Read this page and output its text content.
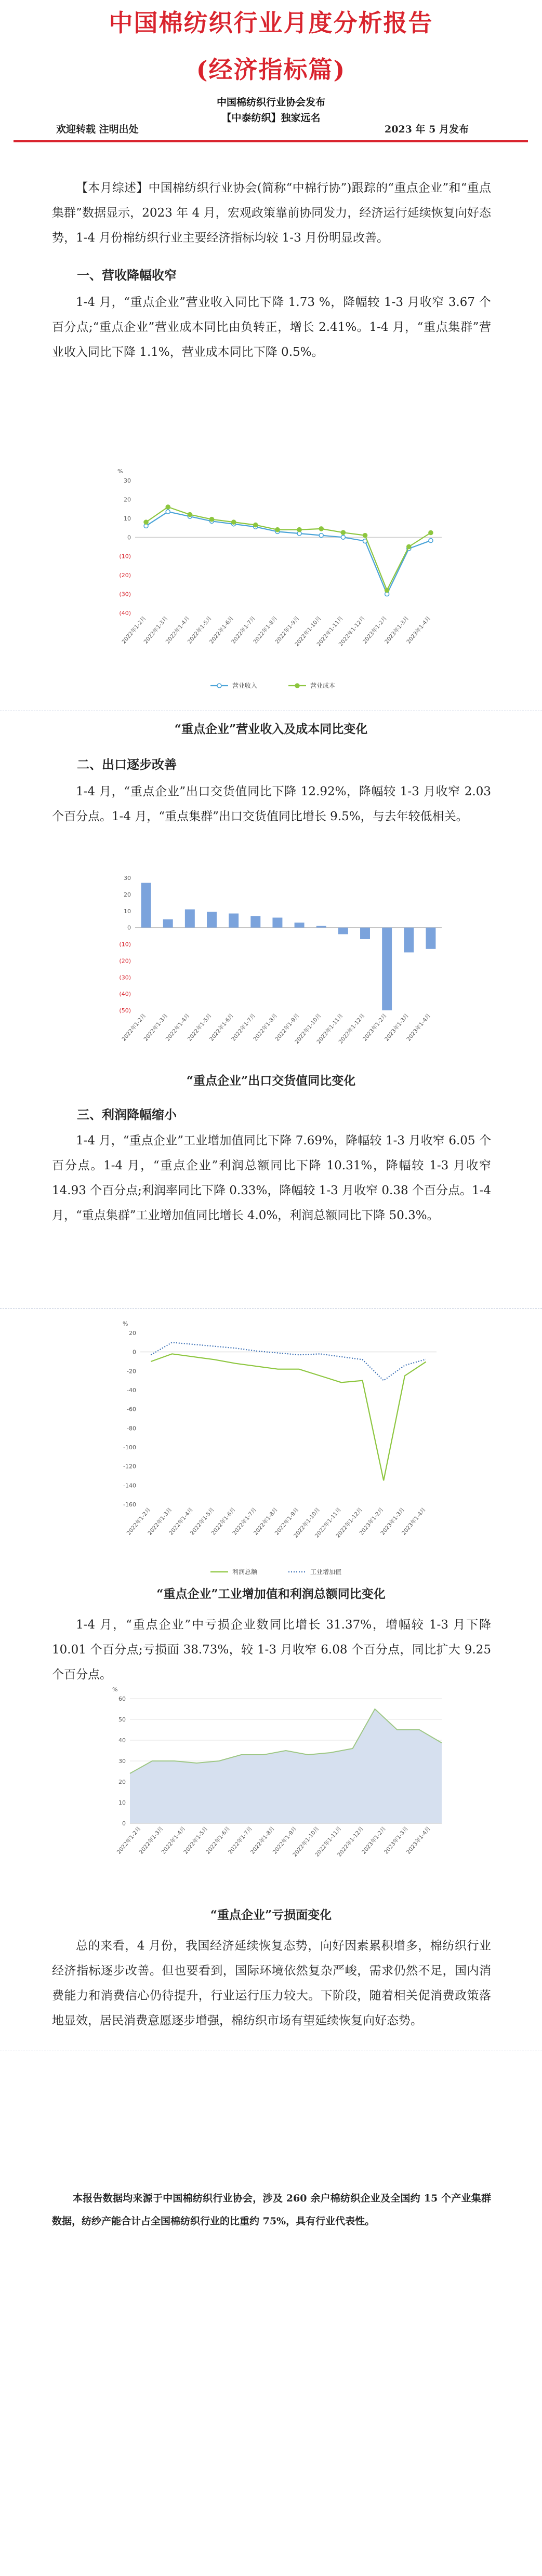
中国棉纺织行业月度分析报告
(经济指标篇)
中国棉纺织行业协会发布
【中泰纺织】独家远名
欢迎转载 注明出处	2023 年 5 月发布

【本月综述】中国棉纺织行业协会(简称“中棉行协”)跟踪的“重点企业”和“重点集群”数据显示，2023 年 4 月，宏观政策靠前协同发力，经济运行延续恢复向好态势，1-4 月份棉纺织行业主要经济指标均较 1-3 月份明显改善。

一、营收降幅收窄

1-4 月，“重点企业”营业收入同比下降 1.73 %，降幅较 1-3 月收窄 3.67 个百分点;“重点企业”营业成本同比由负转正，增长 2.41%。1-4 月，“重点集群”营业收入同比下降 1.1%，营业成本同比下降 0.5%。

%
30
20
10
0
(10)
(20)
(30)
(40)
2022年1-2月
2022年1-3月
2022年1-4月
2022年1-5月
2022年1-6月
2022年1-7月
2022年1-8月
2022年1-9月
2022年1-10月
2022年1-11月
2022年1-12月
2023年1-2月
2023年1-3月
2023年1-4月
营业收入	营业成本
“重点企业”营业收入及成本同比变化
二、出口逐步改善

1-4 月，“重点企业”出口交货值同比下降 12.92%，降幅较 1-3 月收窄 2.03 个百分点。1-4 月，“重点集群”出口交货值同比增长 9.5%，与去年较低相关。

30
20
10
0
(10)
(20)
(30)
(40)
(50)
2022年1-2月
2022年1-3月
2022年1-4月
2022年1-5月
2022年1-6月
2022年1-7月
2022年1-8月
2022年1-9月
2022年1-10月
2022年1-11月
2022年1-12月
2023年1-2月
2023年1-3月
2023年1-4月
“重点企业”出口交货值同比变化
三、利润降幅缩小

1-4 月，“重点企业”工业增加值同比下降 7.69%，降幅较 1-3 月收窄 6.05 个百分点。1-4 月，“重点企业”利润总额同比下降 10.31%，降幅较 1-3 月收窄 14.93 个百分点;利润率同比下降 0.33%，降幅较 1-3 月收窄 0.38 个百分点。1-4 月，“重点集群”工业增加值同比增长 4.0%，利润总额同比下降 50.3%。

%
20
0
-20
-40
-60
-80
-100
-120
-140
-160
2022年1-2月
2022年1-3月
2022年1-4月
2022年1-5月
2022年1-6月
2022年1-7月
2022年1-8月
2022年1-9月
2022年1-10月
2022年1-11月
2022年1-12月
2023年1-2月
2023年1-3月
2023年1-4月
利润总额	工业增加值
“重点企业”工业增加值和利润总额同比变化

1-4 月，“重点企业”中亏损企业数同比增长 31.37%，增幅较 1-3 月下降 10.01 个百分点;亏损面 38.73%，较 1-3 月收窄 6.08 个百分点，同比扩大 9.25 个百分点。

%
60
50
40
30
20
10
0
2022年1-2月
2022年1-3月
2022年1-4月
2022年1-5月
2022年1-6月
2022年1-7月
2022年1-8月
2022年1-9月
2022年1-10月
2022年1-11月
2022年1-12月
2023年1-2月
2023年1-3月
2023年1-4月
“重点企业”亏损面变化

总的来看，4 月份，我国经济延续恢复态势，向好因素累积增多，棉纺织行业经济指标逐步改善。但也要看到，国际环境依然复杂严峻，需求仍然不足，国内消费能力和消费信心仍待提升，行业运行压力较大。下阶段，随着相关促消费政策落地显效，居民消费意愿逐步增强，棉纺织市场有望延续恢复向好态势。

本报告数据均来源于中国棉纺织行业协会，涉及 260 余户棉纺织企业及全国约 15 个产业集群数据，纺纱产能合计占全国棉纺织行业的比重约 75%，具有行业代表性。
